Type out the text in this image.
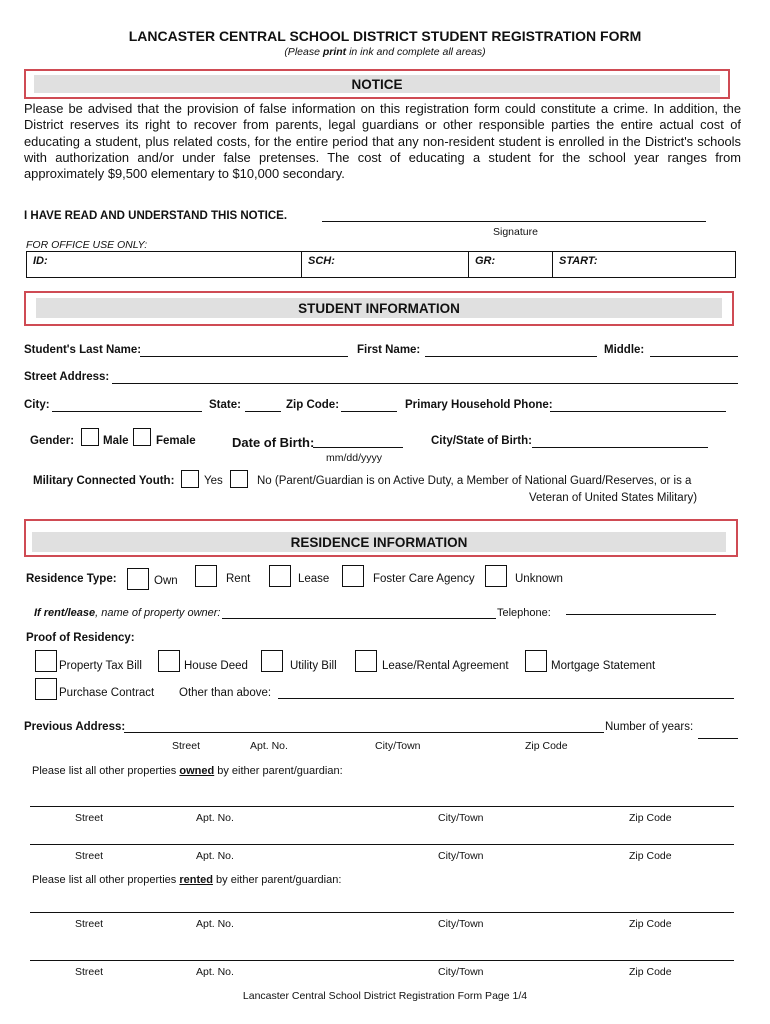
LANCASTER CENTRAL SCHOOL DISTRICT STUDENT REGISTRATION FORM
(Please print in ink and complete all areas)
NOTICE
Please be advised that the provision of false information on this registration form could constitute a crime. In addition, the District reserves its right to recover from parents, legal guardians or other responsible parties the entire actual cost of educating a student, plus related costs, for the entire period that any non-resident student is enrolled in the District's schools with authorization and/or under false pretenses. The cost of educating a student for the school year ranges from approximately $9,500 elementary to $10,000 secondary.
I HAVE READ AND UNDERSTAND THIS NOTICE.
Signature
FOR OFFICE USE ONLY:
ID:	SCH:	GR:	START:
STUDENT INFORMATION
Student's Last Name:	First Name:	Middle:
Street Address:
City:	State:	Zip Code:	Primary Household Phone:
Gender:	Male Female	Date of Birth:
mm/dd/yyyy
City/State of Birth:
Military Connected Youth:	Yes	No (Parent/Guardian is on Active Duty, a Member of National Guard/Reserves, or is a
Veteran of United States Military)
RESIDENCE INFORMATION
Residence Type:	Own	Rent	Lease	Foster Care Agency	Unknown
If rent/lease, name of property owner:	Telephone:
Proof of Residency:
Property Tax Bill	House Deed	Utility Bill	Lease/Rental Agreement	Mortgage Statement
Purchase Contract Other than above:
Previous Address:	Number of years:
Street	Apt. No.	City/Town	Zip Code
Please list all other properties owned by either parent/guardian:
Street	Apt. No.	City/Town	Zip Code
Street	Apt. No.	City/Town	Zip Code
Please list all other properties rented by either parent/guardian:
Street	Apt. No.	City/Town	Zip Code
Street	Apt. No.	City/Town	Zip Code
Lancaster Central School District Registration Form Page 1/4
